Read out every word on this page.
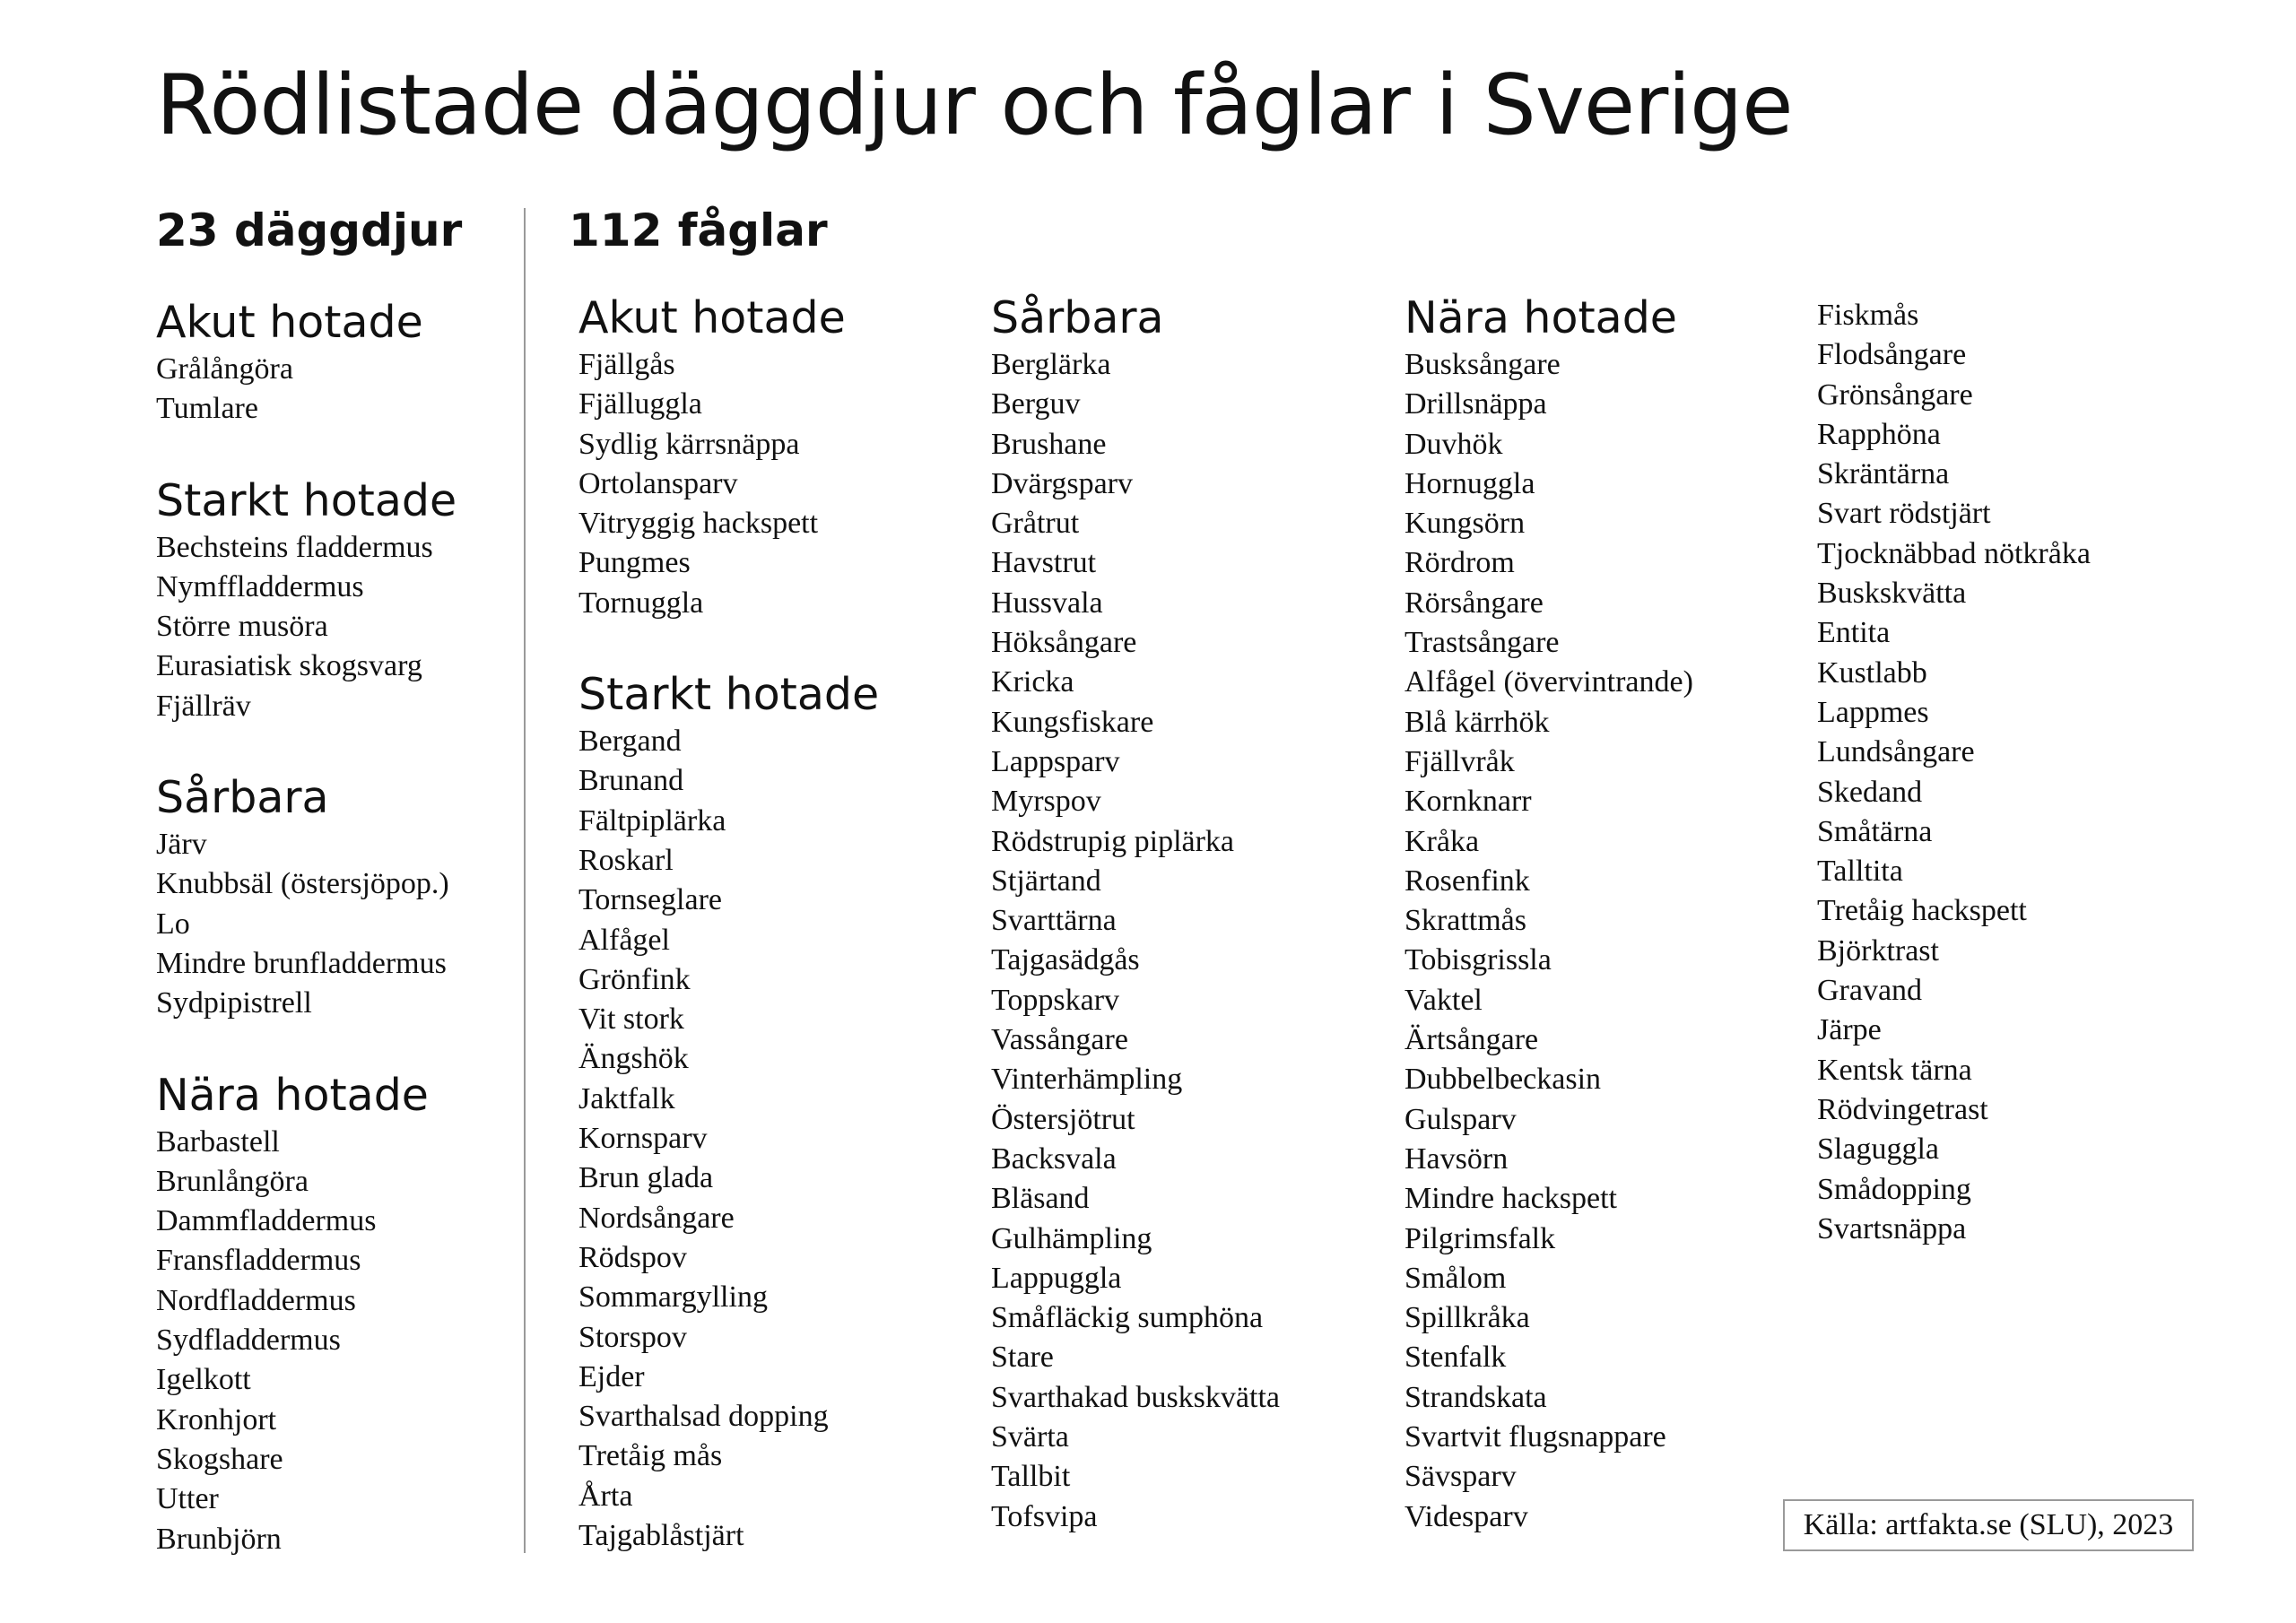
Rödlistade däggdjur och fåglar i Sverige
23 däggdjur 112 fåglar
Akut hotade
Grålångöra
Tumlare
Starkt hotade
Bechsteins fladdermus
Nymffladdermus
Större musöra
Eurasiatisk skogsvarg
Fjällräv
Sårbara
Järv
Knubbsäl (östersjöpop.)
Lo
Mindre brunfladdermus
Sydpipistrell
Nära hotade
Barbastell
Brunlångöra
Dammfladdermus
Fransfladdermus
Nordfladdermus
Sydfladdermus
Igelkott
Kronhjort
Skogshare
Utter
Brunbjörn
Akut hotade
Fjällgås
Fjälluggla
Sydlig kärrsnäppa
Ortolansparv
Vitryggig hackspett
Pungmes
Tornuggla
Starkt hotade
Bergand
Brunand
Fältpiplärka
Roskarl
Tornseglare
Alfågel
Grönfink
Vit stork
Ängshök
Jaktfalk
Kornsparv
Brun glada
Nordsångare
Rödspov
Sommargylling
Storspov
Ejder
Svarthalsad dopping
Tretåig mås
Årta
Tajgablåstjärt
Sårbara
Berglärka
Berguv
Brushane
Dvärgsparv
Gråtrut
Havstrut
Hussvala
Höksångare
Kricka
Kungsfiskare
Lappsparv
Myrspov
Rödstrupig piplärka
Stjärtand
Svarttärna
Tajgasädgås
Toppskarv
Vassångare
Vinterhämpling
Östersjötrut
Backsvala
Bläsand
Gulhämpling
Lappuggla
Småfläckig sumphöna
Stare
Svarthakad buskskvätta
Svärta
Tallbit
Tofsvipa
Nära hotade
Busksångare
Drillsnäppa
Duvhök
Hornuggla
Kungsörn
Rördrom
Rörsångare
Trastsångare
Alfågel (övervintrande)
Blå kärrhök
Fjällvråk
Kornknarr
Kråka
Rosenfink
Skrattmås
Tobisgrissla
Vaktel
Ärtsångare
Dubbelbeckasin
Gulsparv
Havsörn
Mindre hackspett
Pilgrimsfalk
Smålom
Spillkråka
Stenfalk
Strandskata
Svartvit flugsnappare
Sävsparv
Videsparv
Fiskmås
Flodsångare
Grönsångare
Rapphöna
Skräntärna
Svart rödstjärt
Tjocknäbbad nötkråka
Buskskvätta
Entita
Kustlabb
Lappmes
Lundsångare
Skedand
Småtärna
Talltita
Tretåig hackspett
Björktrast
Gravand
Järpe
Kentsk tärna
Rödvingetrast
Slaguggla
Smådopping
Svartsnäppa
Källa: artfakta.se (SLU), 2023
